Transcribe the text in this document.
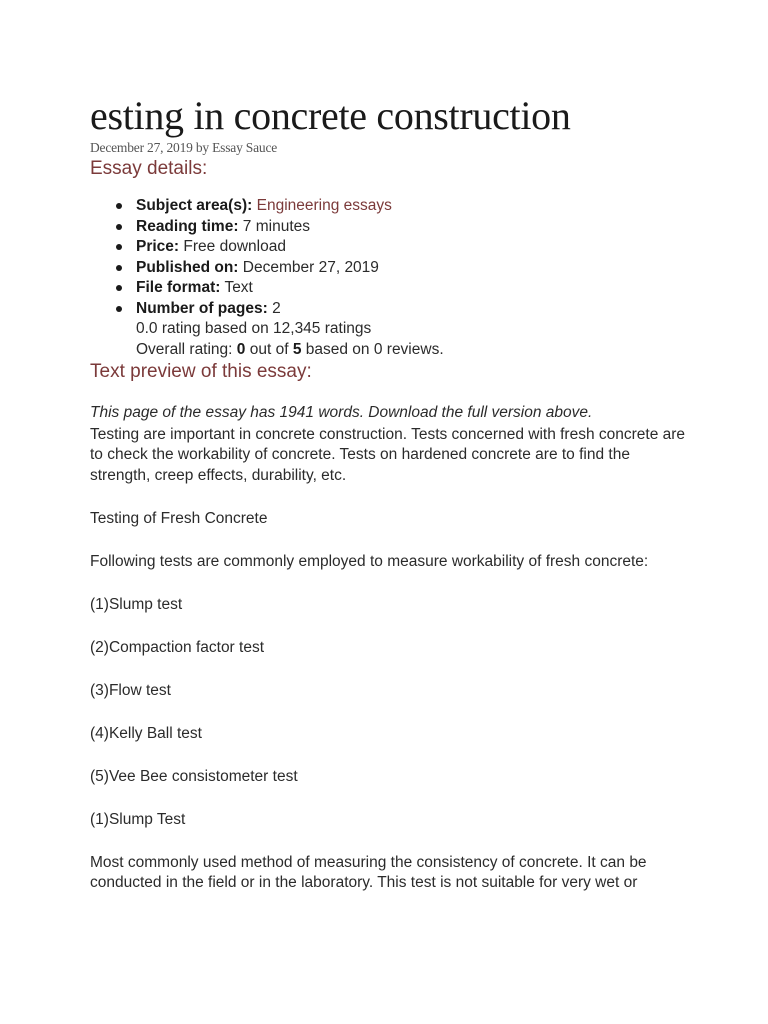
esting in concrete construction

December 27, 2019 by Essay Sauce

Essay details:
Subject area(s): Engineering essays
Reading time: 7 minutes
Price: Free download
Published on: December 27, 2019
File format: Text
Number of pages: 2
0.0 rating based on 12,345 ratings
Overall rating: 0 out of 5 based on 0 reviews.
Text preview of this essay:

This page of the essay has 1941 words. Download the full version above.

Testing are important in concrete construction. Tests concerned with fresh concrete are to check the workability of concrete. Tests on hardened concrete are to find the strength, creep effects, durability, etc.

Testing of Fresh Concrete

Following tests are commonly employed to measure workability of fresh concrete:

(1)Slump test

(2)Compaction factor test

(3)Flow test

(4)Kelly Ball test

(5)Vee Bee consistometer test

(1)Slump Test

Most commonly used method of measuring the consistency of concrete. It can be conducted in the field or in the laboratory. This test is not suitable for very wet or
